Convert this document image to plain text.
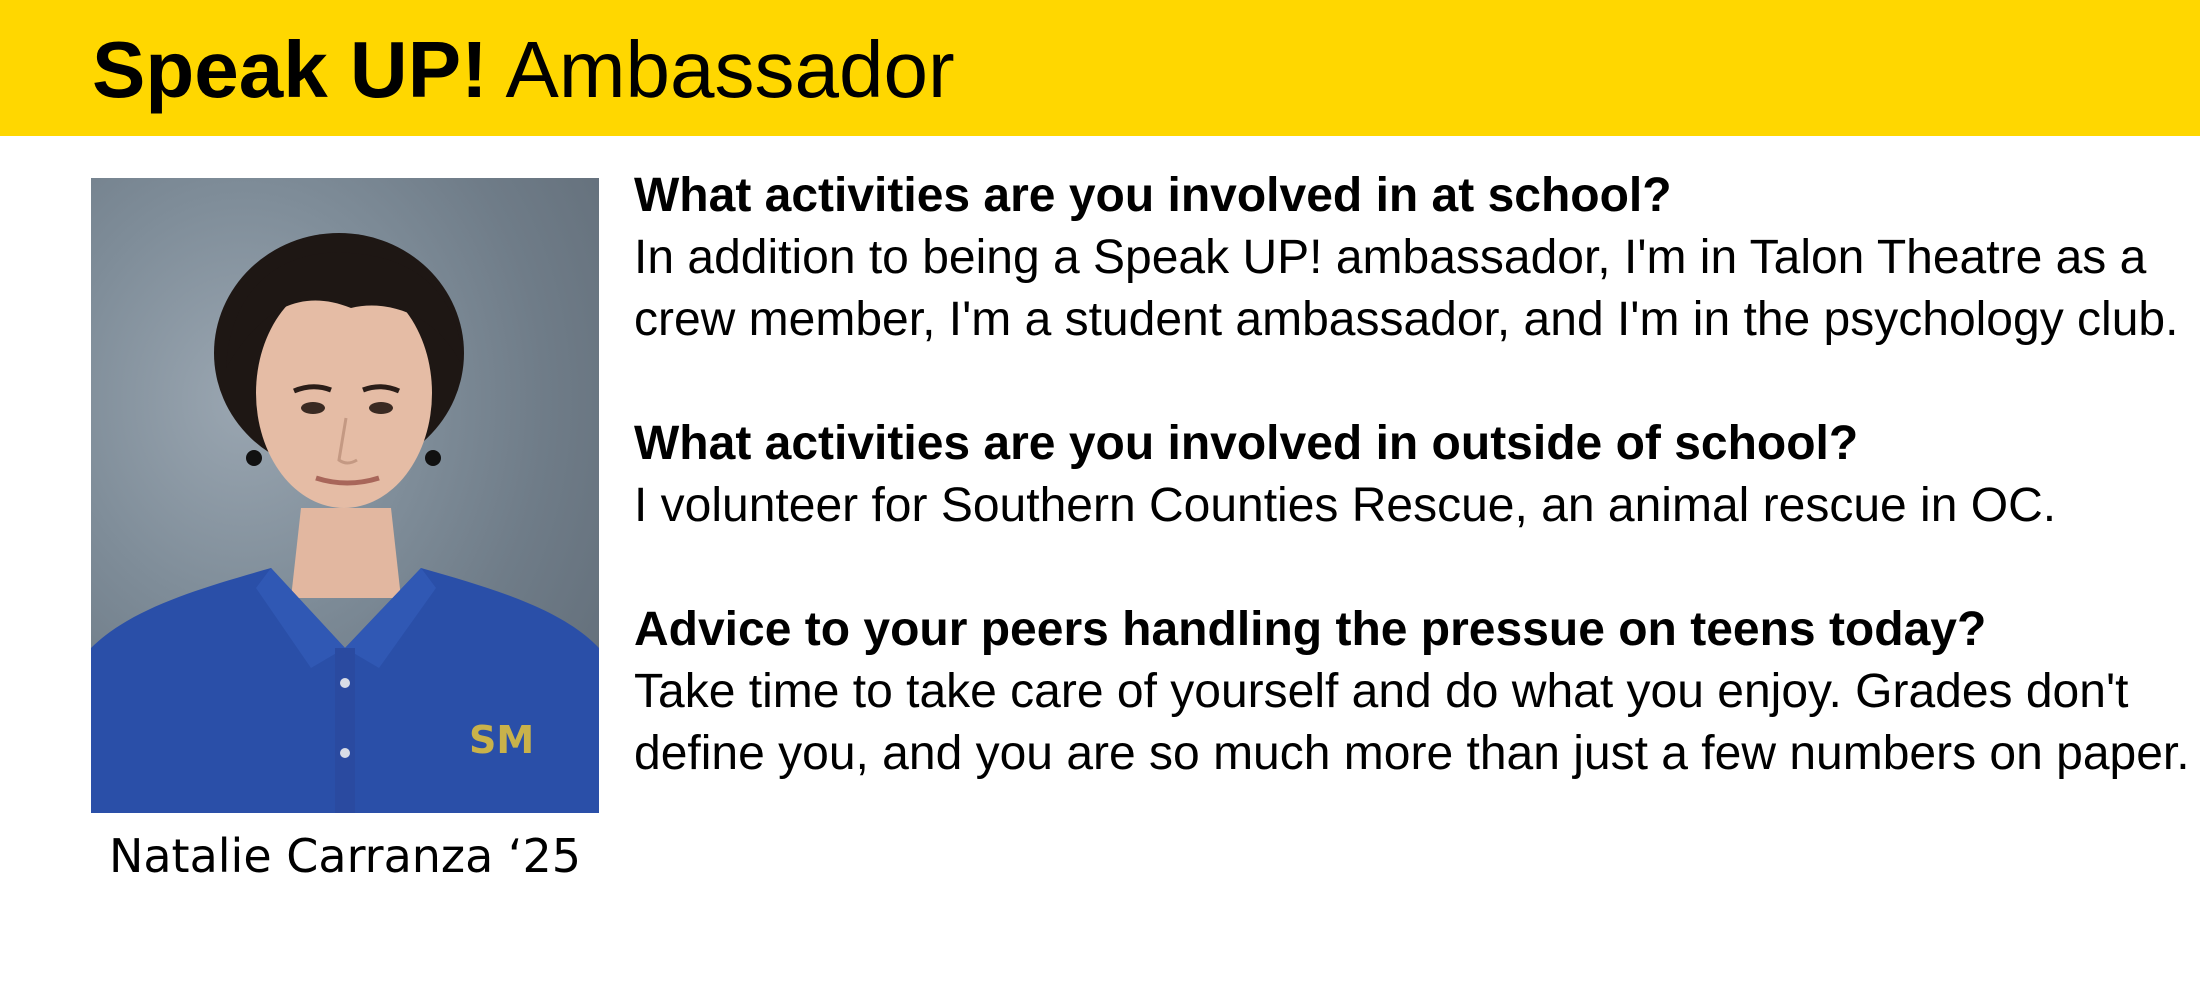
Speak UP! Ambassador
SM
Natalie Carranza ‘25
What activities are you involved in at school?

In addition to being a Speak UP! ambassador, I'm in Talon Theatre as a crew member, I'm a student ambassador, and I'm in the psychology club.

What activities are you involved in outside of school?

I volunteer for Southern Counties Rescue, an animal rescue in OC.

Advice to your peers handling the pressue on teens today?

Take time to take care of yourself and do what you enjoy. Grades don't define you, and you are so much more than just a few numbers on paper.
